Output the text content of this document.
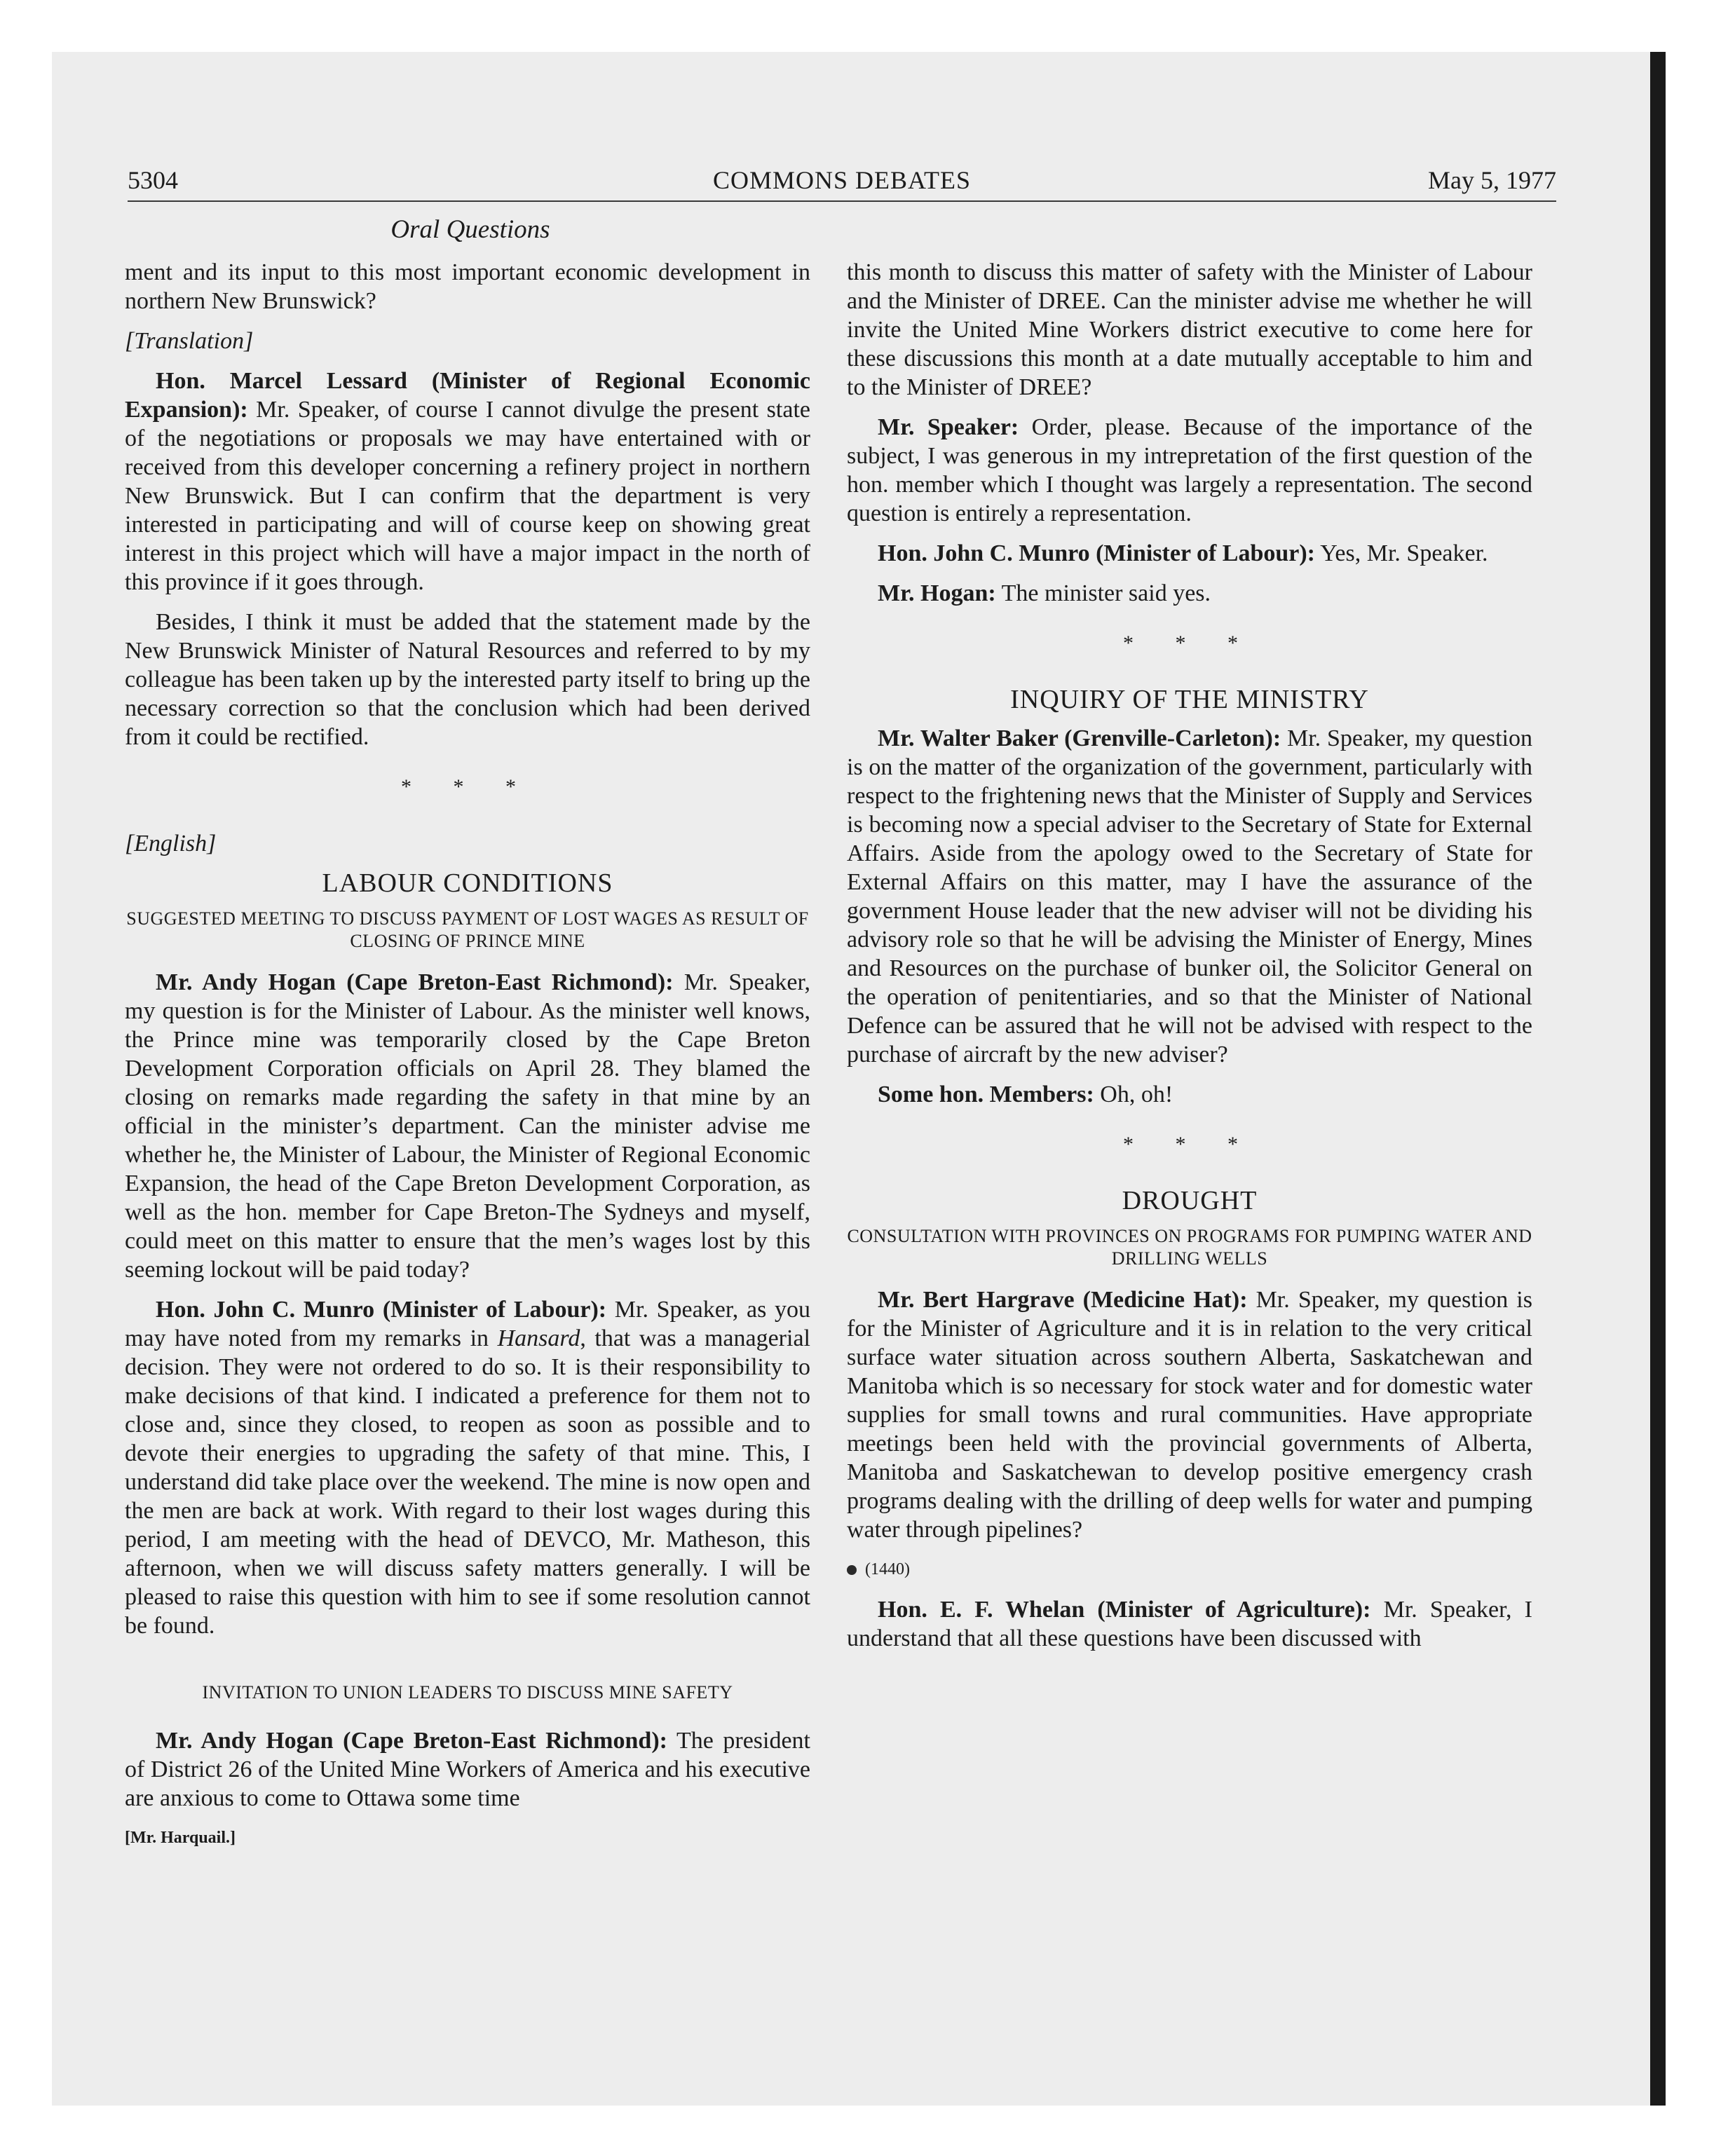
5304	COMMONS DEBATES	May 5, 1977
Oral Questions

ment and its input to this most important economic development in northern New Brunswick?

[Translation]

Hon. Marcel Lessard (Minister of Regional Economic Expansion): Mr. Speaker, of course I cannot divulge the present state of the negotiations or proposals we may have entertained with or received from this developer concerning a refinery project in northern New Brunswick. But I can confirm that the department is very interested in participating and will of course keep on showing great interest in this project which will have a major impact in the north of this province if it goes through.

Besides, I think it must be added that the statement made by the New Brunswick Minister of Natural Resources and referred to by my colleague has been taken up by the interested party itself to bring up the necessary correction so that the conclusion which had been derived from it could be rectified.

* * *

[English]

LABOUR CONDITIONS
SUGGESTED MEETING TO DISCUSS PAYMENT OF LOST WAGES AS RESULT OF CLOSING OF PRINCE MINE

Mr. Andy Hogan (Cape Breton-East Richmond): Mr. Speaker, my question is for the Minister of Labour. As the minister well knows, the Prince mine was temporarily closed by the Cape Breton Development Corporation officials on April 28. They blamed the closing on remarks made regarding the safety in that mine by an official in the minister’s department. Can the minister advise me whether he, the Minister of Labour, the Minister of Regional Economic Expansion, the head of the Cape Breton Development Corporation, as well as the hon. member for Cape Breton-The Sydneys and myself, could meet on this matter to ensure that the men’s wages lost by this seeming lockout will be paid today?

Hon. John C. Munro (Minister of Labour): Mr. Speaker, as you may have noted from my remarks in Hansard, that was a managerial decision. They were not ordered to do so. It is their responsibility to make decisions of that kind. I indicated a preference for them not to close and, since they closed, to reopen as soon as possible and to devote their energies to upgrading the safety of that mine. This, I understand did take place over the weekend. The mine is now open and the men are back at work. With regard to their lost wages during this period, I am meeting with the head of DEVCO, Mr. Matheson, this afternoon, when we will discuss safety matters generally. I will be pleased to raise this question with him to see if some resolution cannot be found.

INVITATION TO UNION LEADERS TO DISCUSS MINE SAFETY

Mr. Andy Hogan (Cape Breton-East Richmond): The president of District 26 of the United Mine Workers of America and his executive are anxious to come to Ottawa some time

[Mr. Harquail.]

this month to discuss this matter of safety with the Minister of Labour and the Minister of DREE. Can the minister advise me whether he will invite the United Mine Workers district executive to come here for these discussions this month at a date mutually acceptable to him and to the Minister of DREE?

Mr. Speaker: Order, please. Because of the importance of the subject, I was generous in my intrepretation of the first question of the hon. member which I thought was largely a representation. The second question is entirely a representation.

Hon. John C. Munro (Minister of Labour): Yes, Mr. Speaker.

Mr. Hogan: The minister said yes.

* * *
INQUIRY OF THE MINISTRY

Mr. Walter Baker (Grenville-Carleton): Mr. Speaker, my question is on the matter of the organization of the government, particularly with respect to the frightening news that the Minister of Supply and Services is becoming now a special adviser to the Secretary of State for External Affairs. Aside from the apology owed to the Secretary of State for External Affairs on this matter, may I have the assurance of the government House leader that the new adviser will not be dividing his advisory role so that he will be advising the Minister of Energy, Mines and Resources on the purchase of bunker oil, the Solicitor General on the operation of penitentiaries, and so that the Minister of National Defence can be assured that he will not be advised with respect to the purchase of aircraft by the new adviser?

Some hon. Members: Oh, oh!

* * *
DROUGHT
CONSULTATION WITH PROVINCES ON PROGRAMS FOR PUMPING WATER AND DRILLING WELLS

Mr. Bert Hargrave (Medicine Hat): Mr. Speaker, my question is for the Minister of Agriculture and it is in relation to the very critical surface water situation across southern Alberta, Saskatchewan and Manitoba which is so necessary for stock water and for domestic water supplies for small towns and rural communities. Have appropriate meetings been held with the provincial governments of Alberta, Manitoba and Saskatchewan to develop positive emergency crash programs dealing with the drilling of deep wells for water and pumping water through pipelines?

(1440)

Hon. E. F. Whelan (Minister of Agriculture): Mr. Speaker, I understand that all these questions have been discussed with
